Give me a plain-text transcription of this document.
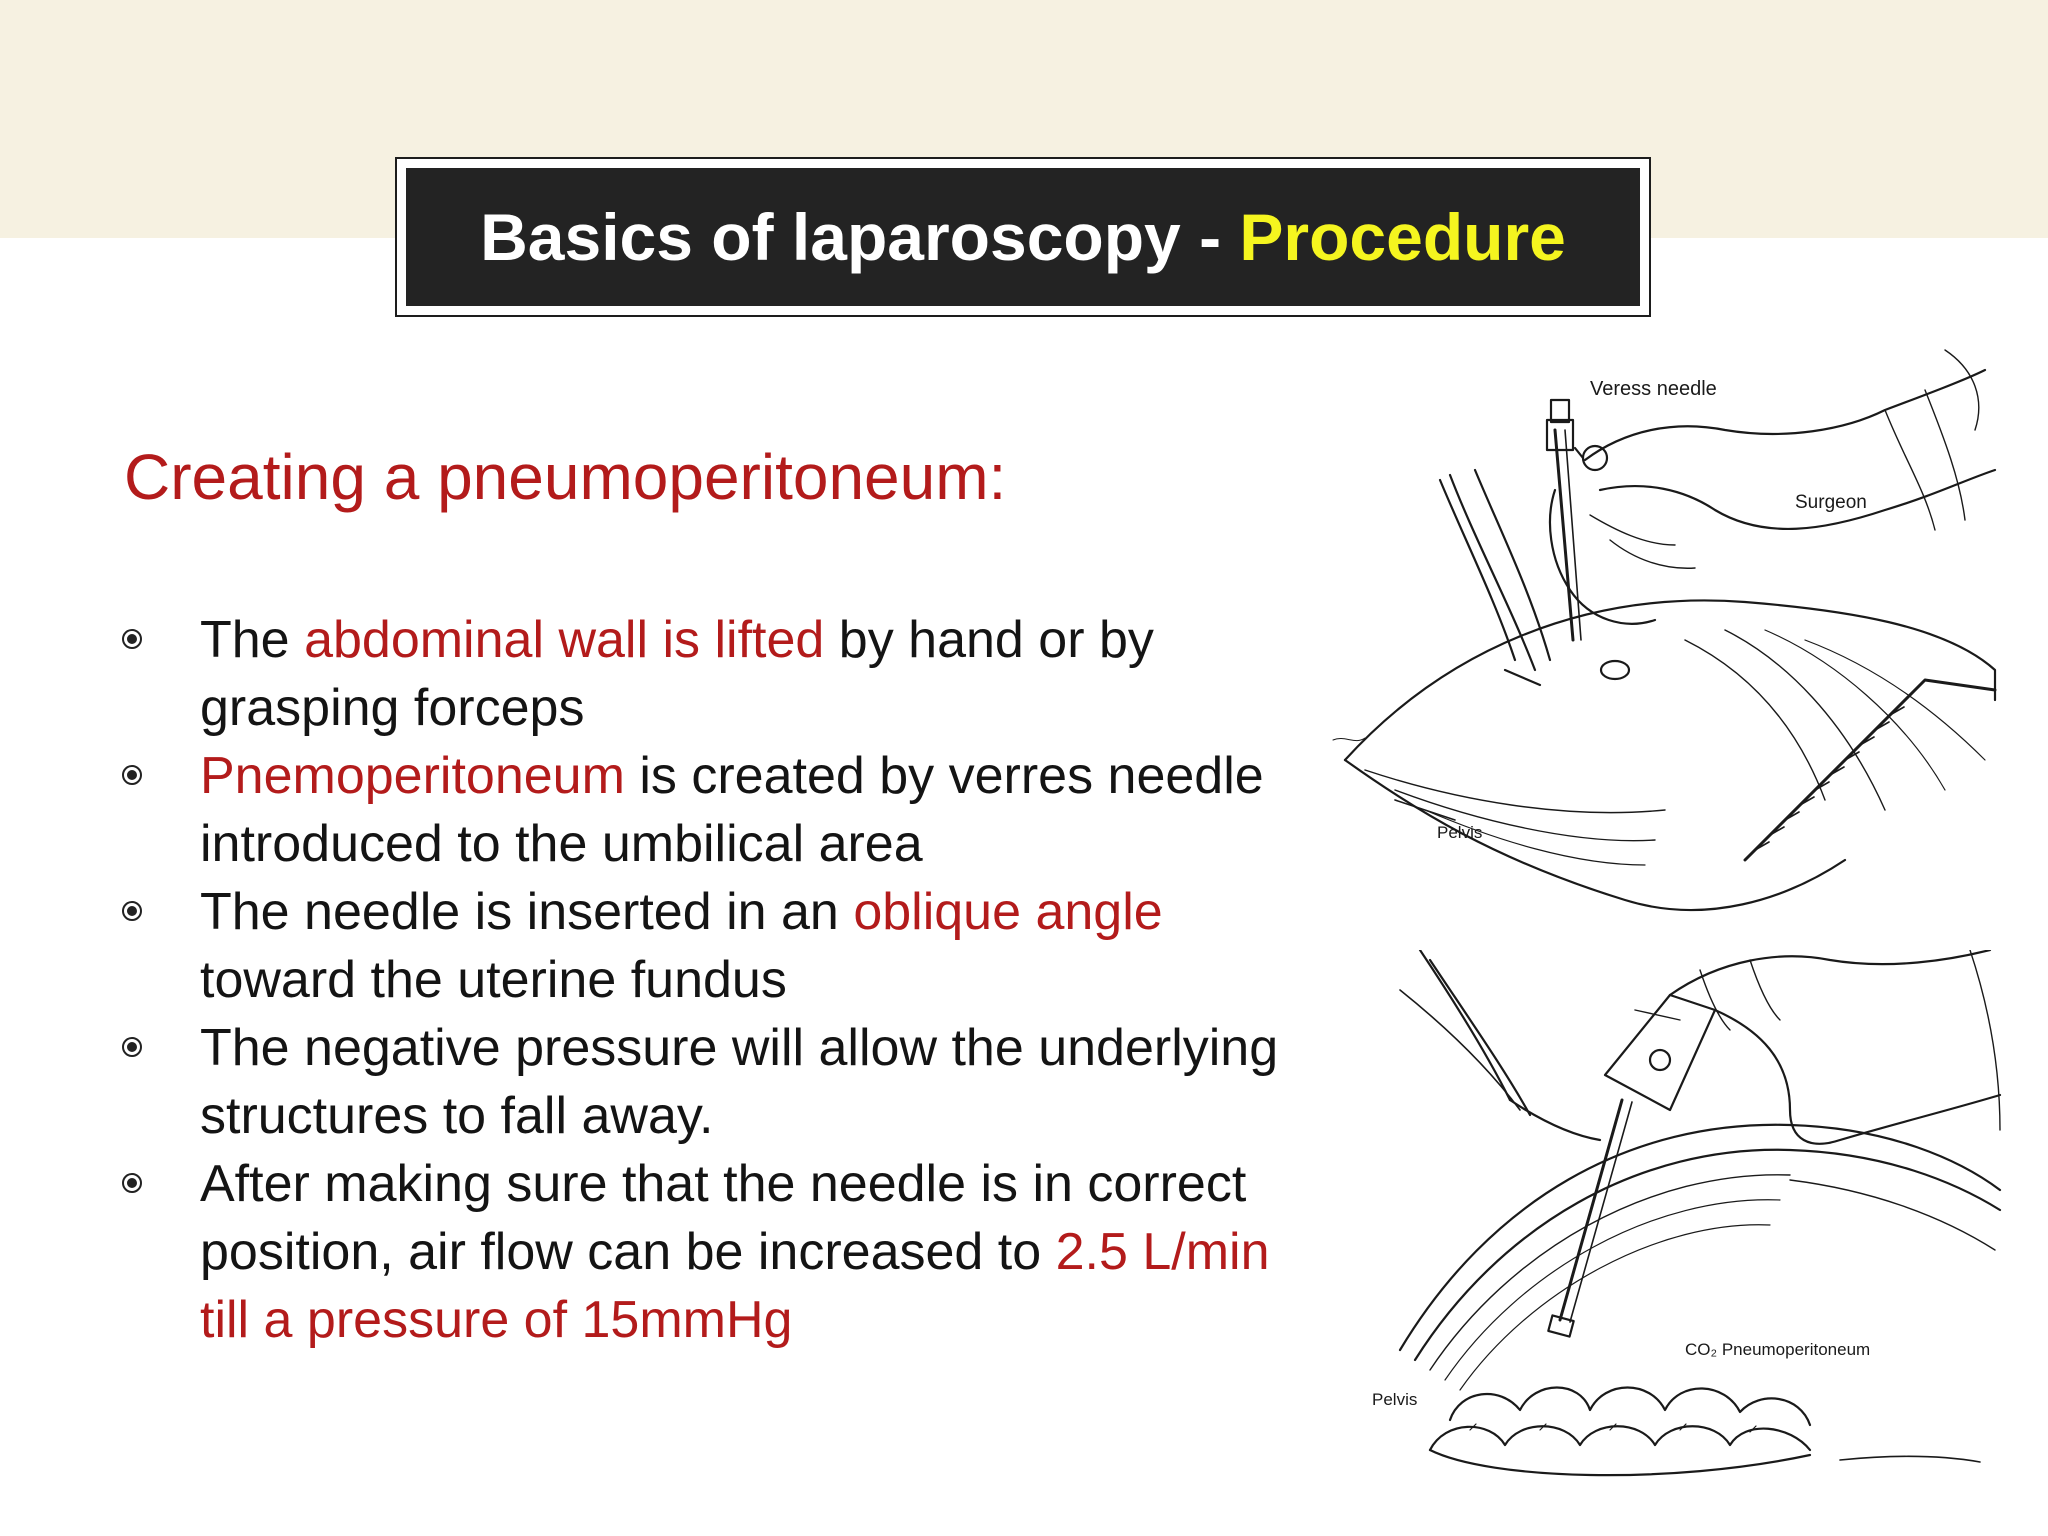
Basics of laparoscopy - Procedure
Creating a pneumoperitoneum:
The abdominal wall is lifted by hand or by grasping forceps
Pnemoperitoneum is created by verres needle introduced to the umbilical area
The needle is inserted in an oblique angle toward the uterine fundus
The negative pressure will allow the underlying structures to fall away.
After making sure that the needle is in correct position, air flow can be increased to 2.5 L/min till a pressure of 15mmHg
Veress needle
Surgeon
Pelvis
CO₂ Pneumoperitoneum
Pelvis
